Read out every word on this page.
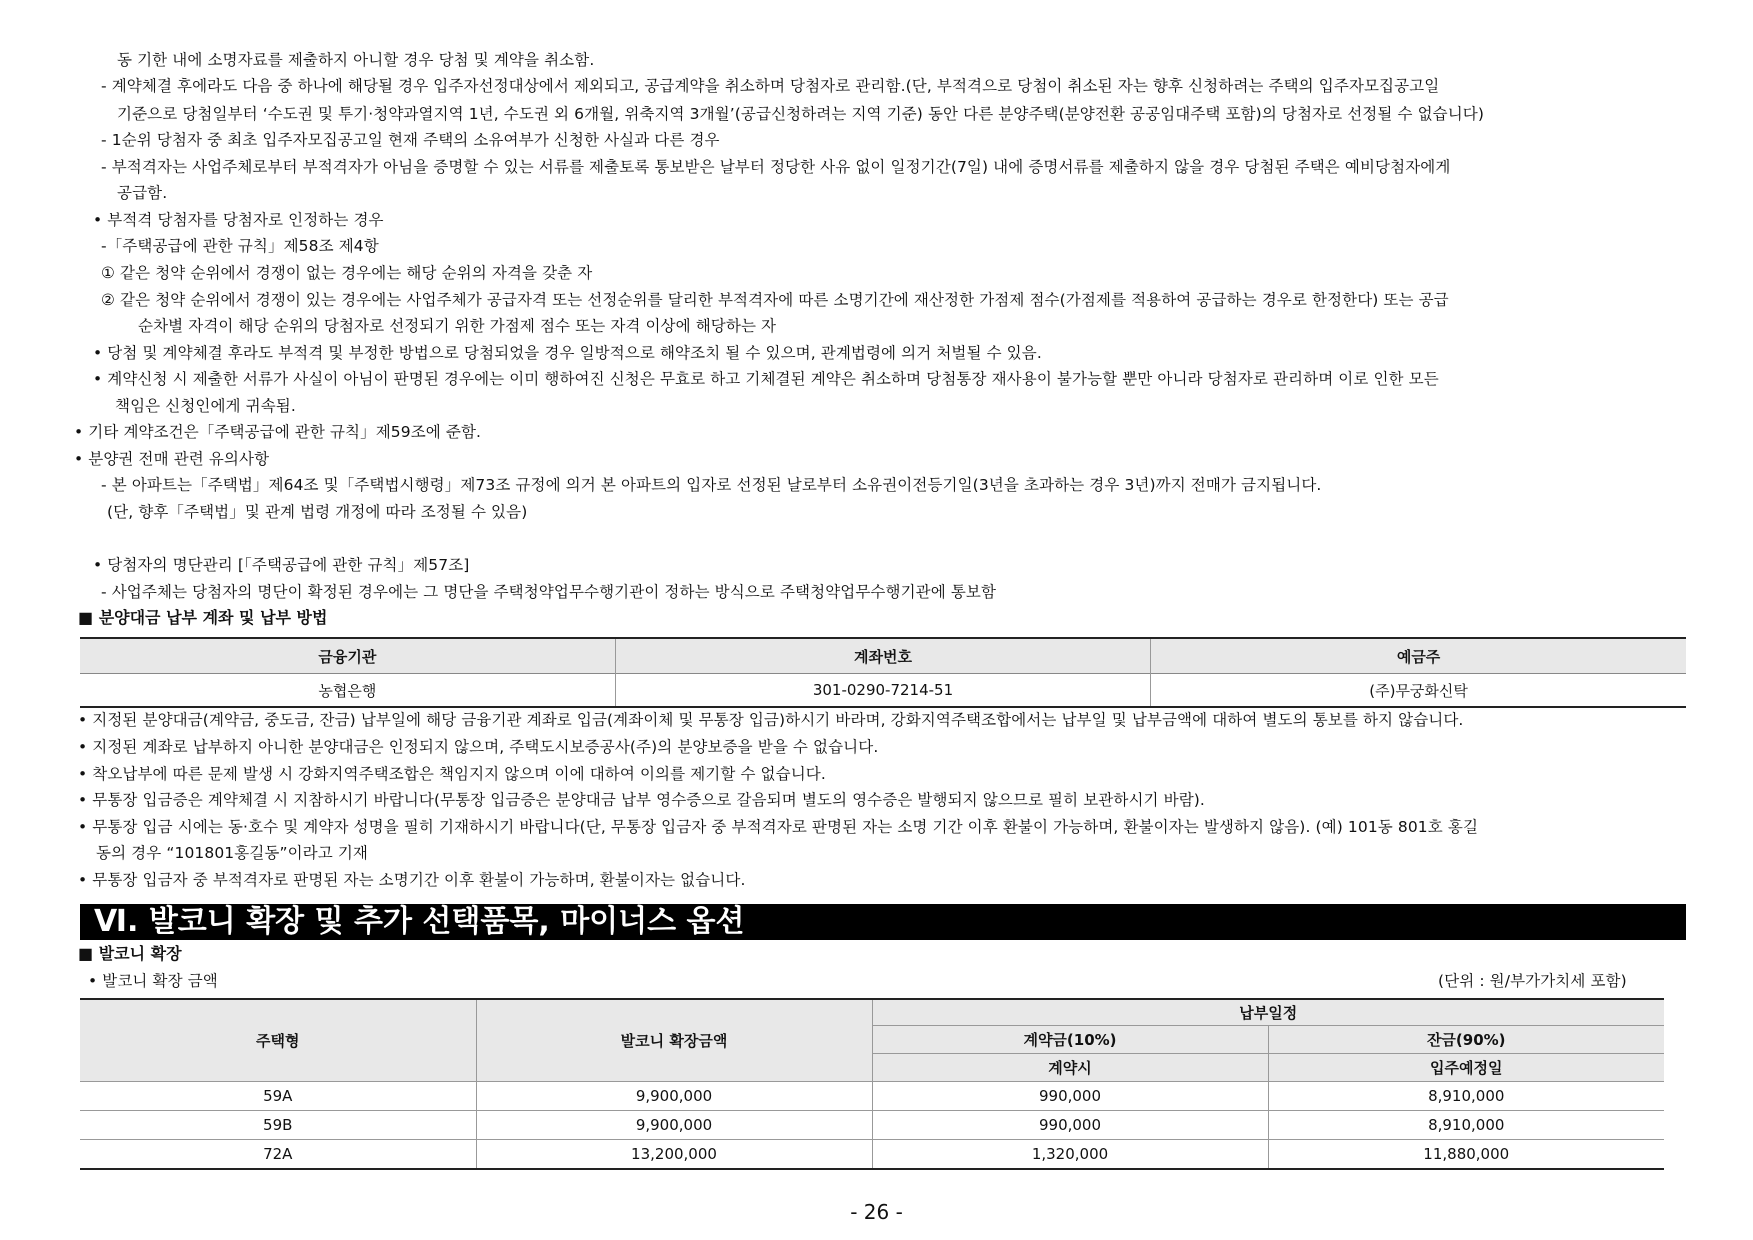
동 기한 내에 소명자료를 제출하지 아니할 경우 당첨 및 계약을 취소함.
- 계약체결 후에라도 다음 중 하나에 해당될 경우 입주자선정대상에서 제외되고, 공급계약을 취소하며 당첨자로 관리함.(단, 부적격으로 당첨이 취소된 자는 향후 신청하려는 주택의 입주자모집공고일
기준으로 당첨일부터 ‘수도권 및 투기·청약과열지역 1년, 수도권 외 6개월, 위축지역 3개월’(공급신청하려는 지역 기준) 동안 다른 분양주택(분양전환 공공임대주택 포함)의 당첨자로 선정될 수 없습니다)
- 1순위 당첨자 중 최초 입주자모집공고일 현재 주택의 소유여부가 신청한 사실과 다른 경우
- 부적격자는 사업주체로부터 부적격자가 아님을 증명할 수 있는 서류를 제출토록 통보받은 날부터 정당한 사유 없이 일정기간(7일) 내에 증명서류를 제출하지 않을 경우 당첨된 주택은 예비당첨자에게
공급함.
• 부적격 당첨자를 당첨자로 인정하는 경우
-「주택공급에 관한 규칙」제58조 제4항
① 같은 청약 순위에서 경쟁이 없는 경우에는 해당 순위의 자격을 갖춘 자
② 같은 청약 순위에서 경쟁이 있는 경우에는 사업주체가 공급자격 또는 선정순위를 달리한 부적격자에 따른 소명기간에 재산정한 가점제 점수(가점제를 적용하여 공급하는 경우로 한정한다) 또는 공급
순차별 자격이 해당 순위의 당첨자로 선정되기 위한 가점제 점수 또는 자격 이상에 해당하는 자
• 당첨 및 계약체결 후라도 부적격 및 부정한 방법으로 당첨되었을 경우 일방적으로 해약조치 될 수 있으며, 관계법령에 의거 처벌될 수 있음.
• 계약신청 시 제출한 서류가 사실이 아님이 판명된 경우에는 이미 행하여진 신청은 무효로 하고 기체결된 계약은 취소하며 당첨통장 재사용이 불가능할 뿐만 아니라 당첨자로 관리하며 이로 인한 모든
책임은 신청인에게 귀속됨.
• 기타 계약조건은「주택공급에 관한 규칙」제59조에 준함.
• 분양권 전매 관련 유의사항
- 본 아파트는「주택법」제64조 및「주택법시행령」제73조 규정에 의거 본 아파트의 입자로 선정된 날로부터 소유권이전등기일(3년을 초과하는 경우 3년)까지 전매가 금지됩니다.
(단, 향후「주택법」및 관계 법령 개정에 따라 조정될 수 있음)
• 당첨자의 명단관리 [「주택공급에 관한 규칙」제57조]
- 사업주체는 당첨자의 명단이 확정된 경우에는 그 명단을 주택청약업무수행기관이 정하는 방식으로 주택청약업무수행기관에 통보함
■ 분양대금 납부 계좌 및 납부 방법
금융기관	계좌번호	예금주
농협은행	301-0290-7214-51	(주)무궁화신탁
• 지정된 분양대금(계약금, 중도금, 잔금) 납부일에 해당 금융기관 계좌로 입금(계좌이체 및 무통장 입금)하시기 바라며, 강화지역주택조합에서는 납부일 및 납부금액에 대하여 별도의 통보를 하지 않습니다.
• 지정된 계좌로 납부하지 아니한 분양대금은 인정되지 않으며, 주택도시보증공사(주)의 분양보증을 받을 수 없습니다.
• 착오납부에 따른 문제 발생 시 강화지역주택조합은 책임지지 않으며 이에 대하여 이의를 제기할 수 없습니다.
• 무통장 입금증은 계약체결 시 지참하시기 바랍니다(무통장 입금증은 분양대금 납부 영수증으로 갈음되며 별도의 영수증은 발행되지 않으므로 필히 보관하시기 바람).
• 무통장 입금 시에는 동·호수 및 계약자 성명을 필히 기재하시기 바랍니다(단, 무통장 입금자 중 부적격자로 판명된 자는 소명 기간 이후 환불이 가능하며, 환불이자는 발생하지 않음). (예) 101동 801호 홍길
동의 경우 “101801홍길동”이라고 기재
• 무통장 입금자 중 부적격자로 판명된 자는 소명기간 이후 환불이 가능하며, 환불이자는 없습니다.
Ⅵ. 발코니 확장 및 추가 선택품목, 마이너스 옵션
■ 발코니 확장
• 발코니 확장 금액	(단위 : 원/부가가치세 포함)
주택형	발코니 확장금액	납부일정	
		계약금(10%)	잔금(90%)
		계약시	입주예정일
59A	9,900,000	990,000	8,910,000
59B	9,900,000	990,000	8,910,000
72A	13,200,000	1,320,000	11,880,000
- 26 -
